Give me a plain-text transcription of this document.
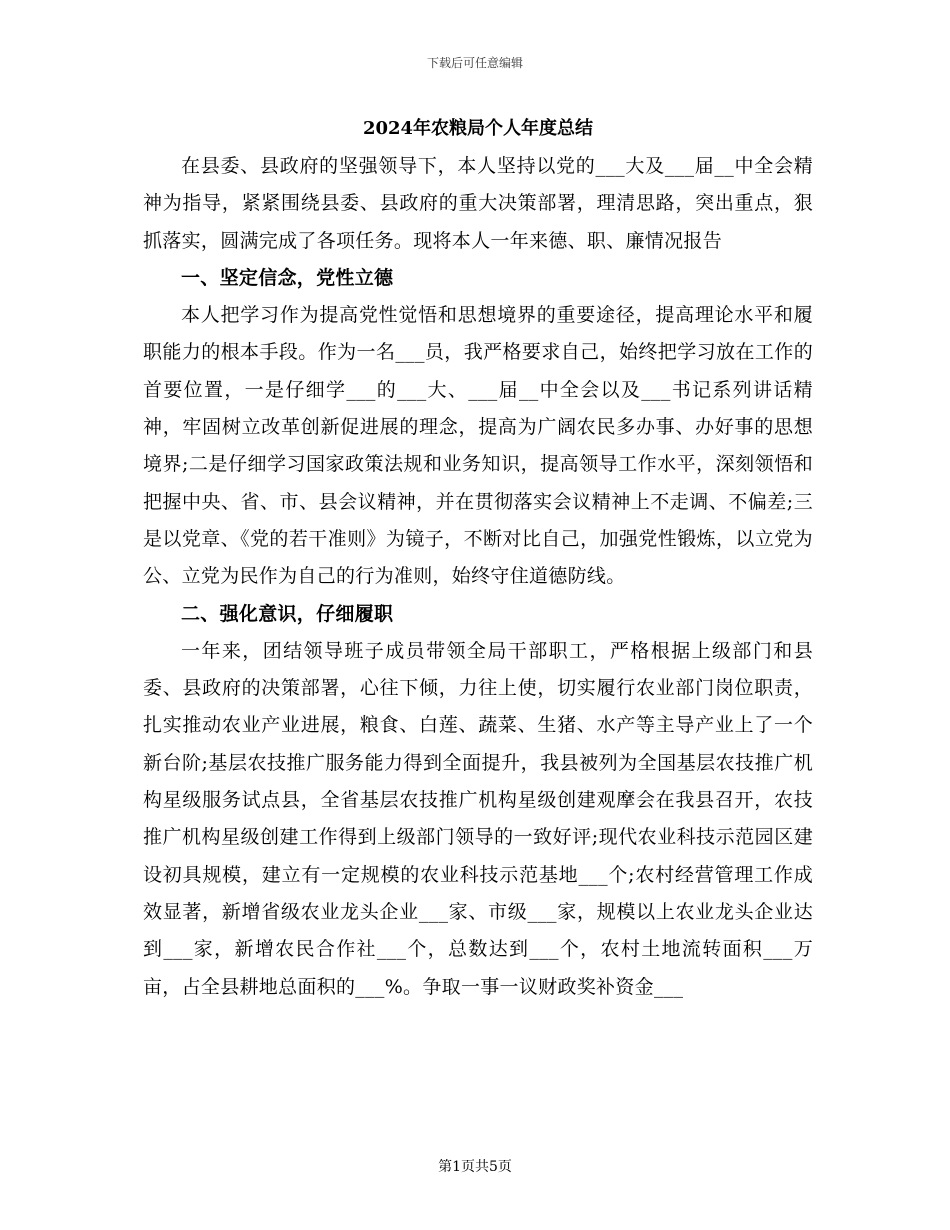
下载后可任意编辑
2024年农粮局个人年度总结

在县委、县政府的坚强领导下，本人坚持以党的___大及___届__中全会精神为指导，紧紧围绕县委、县政府的重大决策部署，理清思路，突出重点，狠抓落实，圆满完成了各项任务。现将本人一年来德、职、廉情况报告

一、坚定信念，党性立德

本人把学习作为提高党性觉悟和思想境界的重要途径，提高理论水平和履职能力的根本手段。作为一名___员，我严格要求自己，始终把学习放在工作的首要位置，一是仔细学___的___大、___届__中全会以及___书记系列讲话精神，牢固树立改革创新促进展的理念，提高为广阔农民多办事、办好事的思想境界;二是仔细学习国家政策法规和业务知识，提高领导工作水平，深刻领悟和把握中央、省、市、县会议精神，并在贯彻落实会议精神上不走调、不偏差;三是以党章、《党的若干准则》为镜子，不断对比自己，加强党性锻炼，以立党为公、立党为民作为自己的行为准则，始终守住道德防线。

二、强化意识，仔细履职

一年来，团结领导班子成员带领全局干部职工，严格根据上级部门和县委、县政府的决策部署，心往下倾，力往上使，切实履行农业部门岗位职责，扎实推动农业产业进展，粮食、白莲、蔬菜、生猪、水产等主导产业上了一个新台阶;基层农技推广服务能力得到全面提升，我县被列为全国基层农技推广机构星级服务试点县，全省基层农技推广机构星级创建观摩会在我县召开，农技推广机构星级创建工作得到上级部门领导的一致好评;现代农业科技示范园区建设初具规模，建立有一定规模的农业科技示范基地___个;农村经营管理工作成效显著，新增省级农业龙头企业___家、市级___家，规模以上农业龙头企业达到___家，新增农民合作社___个，总数达到___个，农村土地流转面积___万亩，占全县耕地总面积的___%。争取一事一议财政奖补资金___

第1页共5页
